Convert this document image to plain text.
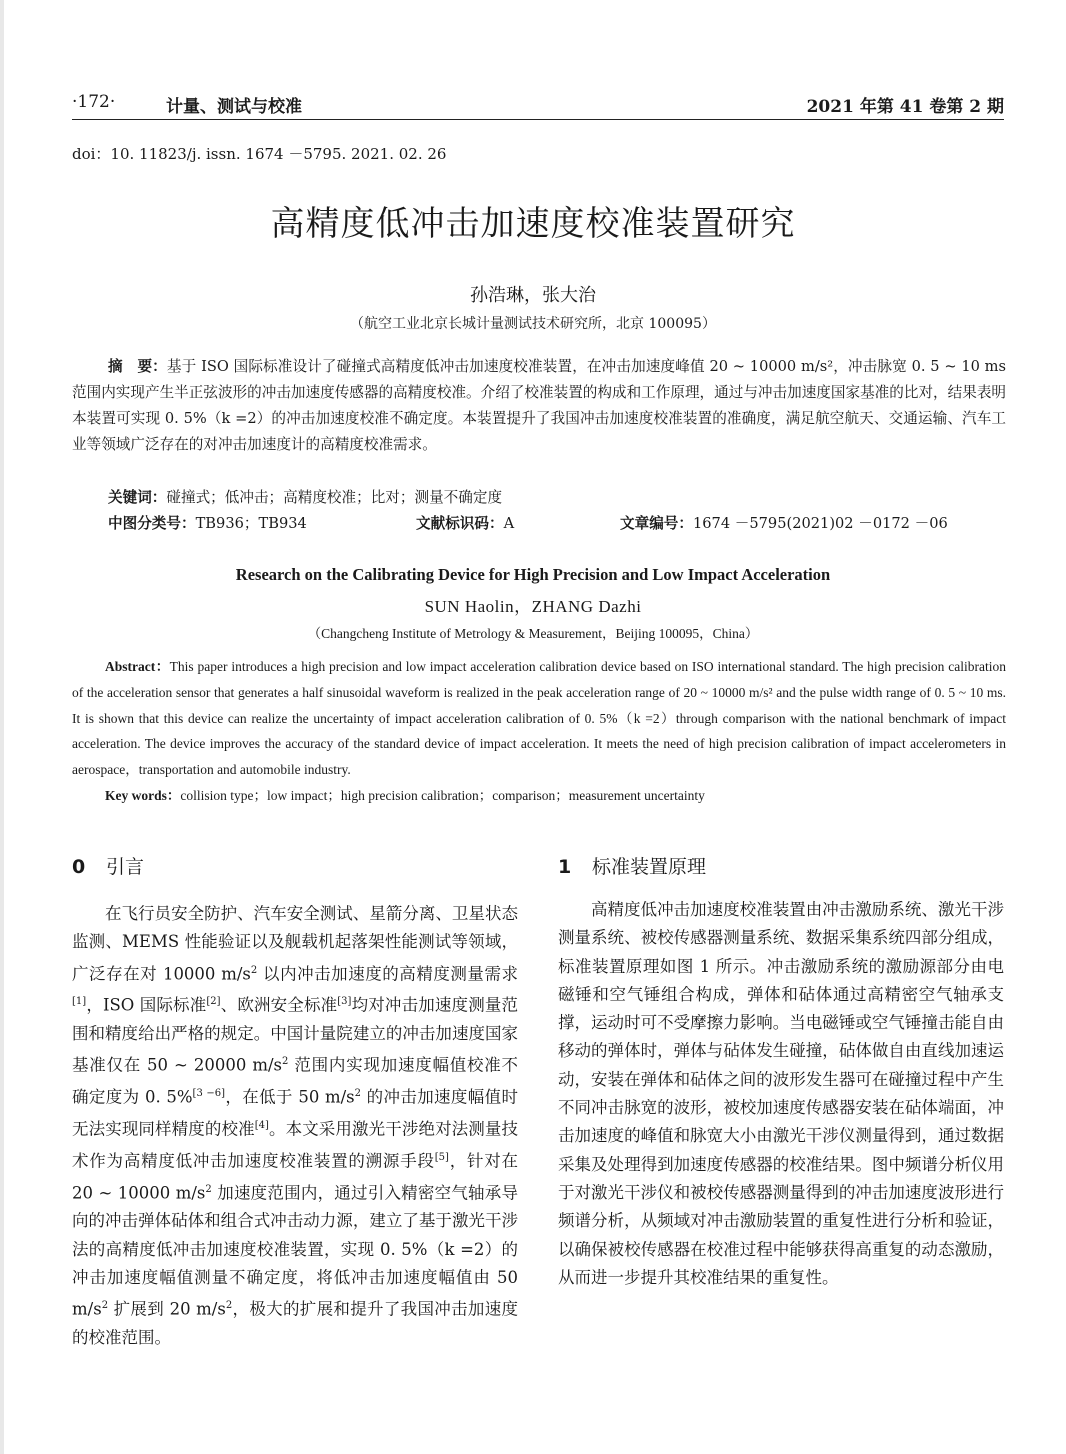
·172·	计量、测试与校准	2021 年第 41 卷第 2 期
doi：10. 11823/j. issn. 1674 －5795. 2021. 02. 26
高精度低冲击加速度校准装置研究
孙浩琳，张大治
（航空工业北京长城计量测试技术研究所，北京 100095）
摘　要：基于 ISO 国际标准设计了碰撞式高精度低冲击加速度校准装置，在冲击加速度峰值 20 ~ 10000 m/s²，冲击脉宽 0. 5 ~ 10 ms 范围内实现产生半正弦波形的冲击加速度传感器的高精度校准。介绍了校准装置的构成和工作原理，通过与冲击加速度国家基准的比对，结果表明本装置可实现 0. 5%（k =2）的冲击加速度校准不确定度。本装置提升了我国冲击加速度校准装置的准确度，满足航空航天、交通运输、汽车工业等领域广泛存在的对冲击加速度计的高精度校准需求。
关键词：碰撞式；低冲击；高精度校准；比对；测量不确定度
中图分类号：TB936；TB934	文献标识码：A	文章编号：1674 －5795(2021)02 －0172 －06
Research on the Calibrating Device for High Precision and Low Impact Acceleration
SUN Haolin，ZHANG Dazhi
（Changcheng Institute of Metrology & Measurement，Beijing 100095，China）
Abstract：This paper introduces a high precision and low impact acceleration calibration device based on ISO international standard. The high precision calibration of the acceleration sensor that generates a half sinusoidal waveform is realized in the peak acceleration range of 20 ~ 10000 m/s² and the pulse width range of 0. 5 ~ 10 ms. It is shown that this device can realize the uncertainty of impact acceleration calibration of 0. 5%（k =2）through comparison with the national benchmark of impact acceleration. The device improves the accuracy of the standard device of impact acceleration. It meets the need of high precision calibration of impact accelerometers in aerospace，transportation and automobile industry.
Key words：collision type；low impact；high precision calibration；comparison；measurement uncertainty
0 引言

在飞行员安全防护、汽车安全测试、星箭分离、卫星状态监测、MEMS 性能验证以及舰载机起落架性能测试等领域，广泛存在对 10000 $m/s^2$ 以内冲击加速度的高精度测量需求[1]，ISO 国际标准[2]、欧洲安全标准[3]均对冲击加速度测量范围和精度给出严格的规定。中国计量院建立的冲击加速度国家基准仅在 50 ~ 20000 $m/s^2$ 范围内实现加速度幅值校准不确定度为 0. 5%[3 −6]，在低于 50 $m/s^2$ 的冲击加速度幅值时无法实现同样精度的校准[4]。本文采用激光干涉绝对法测量技术作为高精度低冲击加速度校准装置的溯源手段[5]，针对在 20 ~ 10000 $m/s^2$ 加速度范围内，通过引入精密空气轴承导向的冲击弹体砧体和组合式冲击动力源，建立了基于激光干涉法的高精度低冲击加速度校准装置，实现 0. 5%（k =2）的冲击加速度幅值测量不确定度，将低冲击加速度幅值由 50 $m/s^2$ 扩展到 20 $m/s^2$，极大的扩展和提升了我国冲击加速度的校准范围。

1 标准装置原理

高精度低冲击加速度校准装置由冲击激励系统、激光干涉测量系统、被校传感器测量系统、数据采集系统四部分组成，标准装置原理如图 1 所示。冲击激励系统的激励源部分由电磁锤和空气锤组合构成，弹体和砧体通过高精密空气轴承支撑，运动时可不受摩擦力影响。当电磁锤或空气锤撞击能自由移动的弹体时，弹体与砧体发生碰撞，砧体做自由直线加速运动，安装在弹体和砧体之间的波形发生器可在碰撞过程中产生不同冲击脉宽的波形，被校加速度传感器安装在砧体端面，冲击加速度的峰值和脉宽大小由激光干涉仪测量得到，通过数据采集及处理得到加速度传感器的校准结果。图中频谱分析仪用于对激光干涉仪和被校传感器测量得到的冲击加速度波形进行频谱分析，从频域对冲击激励装置的重复性进行分析和验证，以确保被校传感器在校准过程中能够获得高重复的动态激励，从而进一步提升其校准结果的重复性。
